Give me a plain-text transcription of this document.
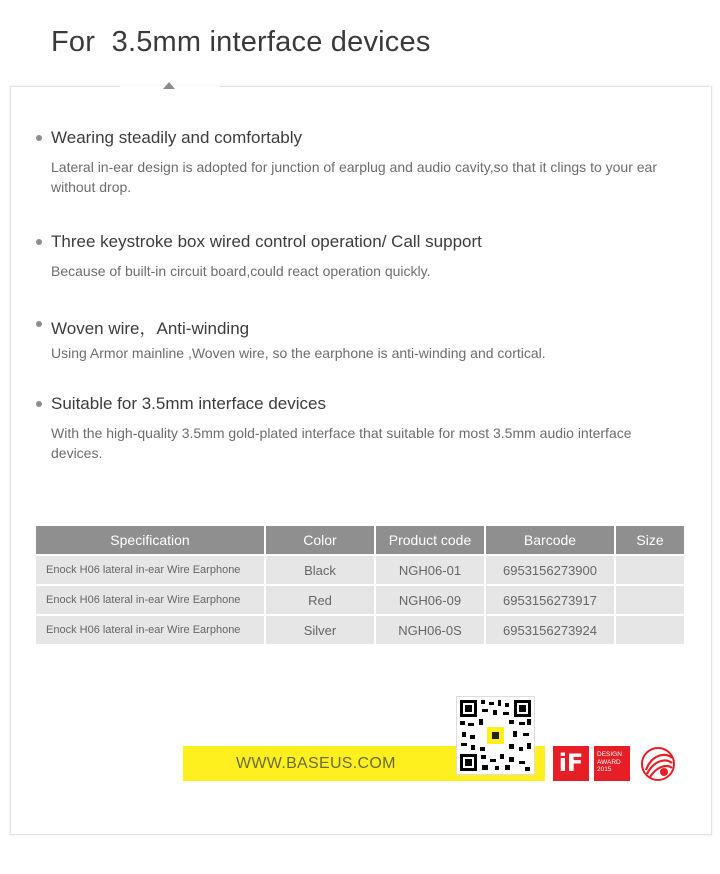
For  3.5mm interface devices
Wearing steadily and comfortably
Lateral in-ear design is adopted for junction of earplug and audio cavity,so that it clings to your ear without drop.
Three keystroke box wired control operation/ Call support
Because of built-in circuit board,could react operation quickly.
Woven wire，Anti-winding
Using Armor mainline ,Woven wire, so the earphone is anti-winding and cortical.
Suitable for 3.5mm interface devices
With the high-quality 3.5mm gold-plated interface that suitable for most 3.5mm audio interface devices.
Specification	Color	Product code	Barcode	Size
Enock H06 lateral in-ear Wire Earphone	Black	NGH06-01	6953156273900	
Enock H06 lateral in-ear Wire Earphone	Red	NGH06-09	6953156273917	
Enock H06 lateral in-ear Wire Earphone	Silver	NGH06-0S	6953156273924	
WWW.BASEUS.COM	iF	DESIGN
AWARD
2015
